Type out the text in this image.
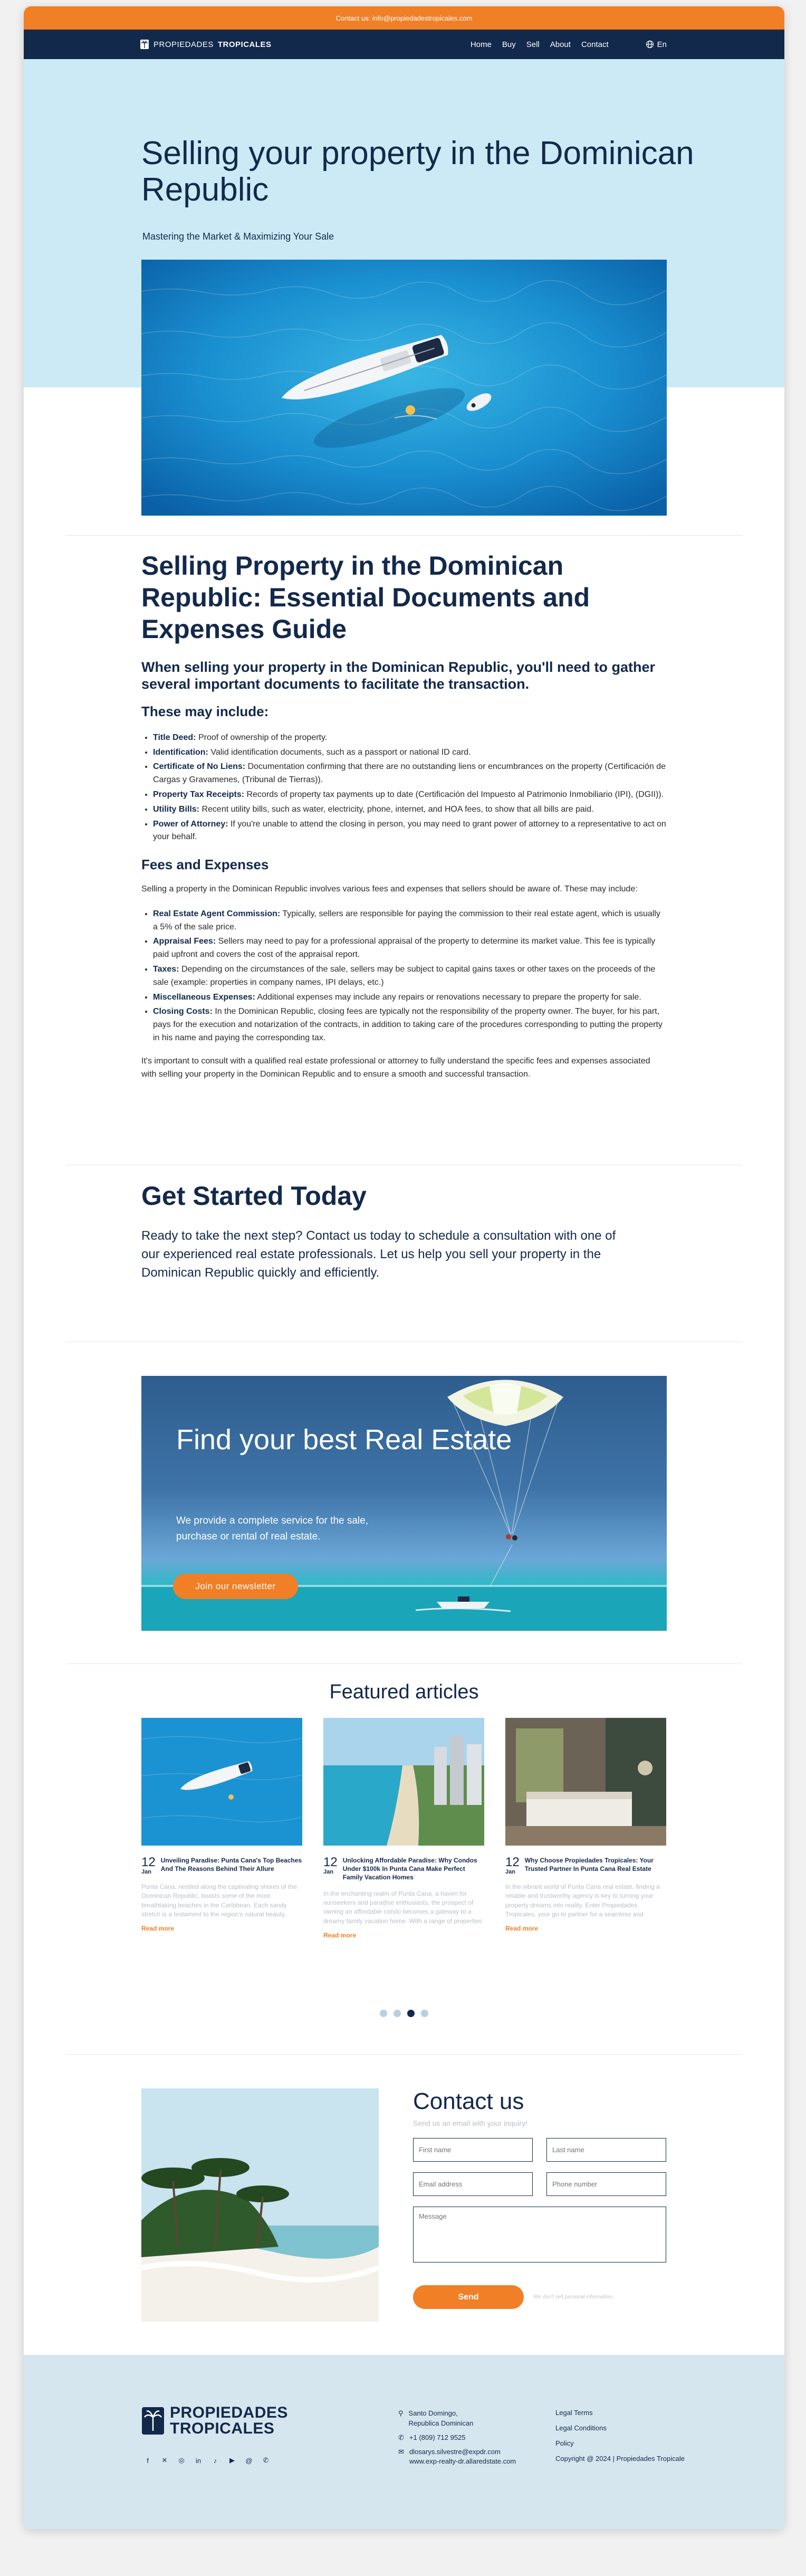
Contact us: info@propiedadestropicales.com
PROPIEDADES TROPICALES	Home Buy Sell About Contact	En
Selling your property in the Dominican Republic
Mastering the Market & Maximizing Your Sale
Selling Property in the Dominican Republic: Essential Documents and Expenses Guide
When selling your property in the Dominican Republic, you'll need to gather several important documents to facilitate the transaction.
These may include:
• Title Deed: Proof of ownership of the property.
• Identification: Valid identification documents, such as a passport or national ID card.
• Certificate of No Liens: Documentation confirming that there are no outstanding liens or encumbrances on the property (Certificación de Cargas y Gravamenes, (Tribunal de Tierras)).
• Property Tax Receipts: Records of property tax payments up to date (Certificación del Impuesto al Patrimonio Inmobiliario (IPI), (DGII)).
• Utility Bills: Recent utility bills, such as water, electricity, phone, internet, and HOA fees, to show that all bills are paid.
• Power of Attorney: If you're unable to attend the closing in person, you may need to grant power of attorney to a representative to act on your behalf.
Fees and Expenses

Selling a property in the Dominican Republic involves various fees and expenses that sellers should be aware of. These may include:

• Real Estate Agent Commission: Typically, sellers are responsible for paying the commission to their real estate agent, which is usually a 5% of the sale price.
• Appraisal Fees: Sellers may need to pay for a professional appraisal of the property to determine its market value. This fee is typically paid upfront and covers the cost of the appraisal report.
• Taxes: Depending on the circumstances of the sale, sellers may be subject to capital gains taxes or other taxes on the proceeds of the sale (example: properties in company names, IPI delays, etc.)
• Miscellaneous Expenses: Additional expenses may include any repairs or renovations necessary to prepare the property for sale.
• Closing Costs: In the Dominican Republic, closing fees are typically not the responsibility of the property owner. The buyer, for his part, pays for the execution and notarization of the contracts, in addition to taking care of the procedures corresponding to putting the property in his name and paying the corresponding tax.

It's important to consult with a qualified real estate professional or attorney to fully understand the specific fees and expenses associated with selling your property in the Dominican Republic and to ensure a smooth and successful transaction.

Get Started Today

Ready to take the next step? Contact us today to schedule a consultation with one of our experienced real estate professionals. Let us help you sell your property in the Dominican Republic quickly and efficiently.

Find your best Real Estate
We provide a complete service for the sale, purchase or rental of real estate.
Join our newsletter
Featured articles
12
Jan
Unveiling Paradise: Punta Cana's Top Beaches And The Reasons Behind Their Allure
Punta Cana, nestled along the captivating shores of the Dominican Republic, boasts some of the most breathtaking beaches in the Caribbean. Each sandy stretch is a testament to the region's natural beauty,
Read more
12
Jan
Unlocking Affordable Paradise: Why Condos Under $100k In Punta Cana Make Perfect Family Vacation Homes
In the enchanting realm of Punta Cana, a haven for sunseekers and paradise enthusiasts, the prospect of owning an affordable condo becomes a gateway to a dreamy family vacation home. With a range of properties
Read more
12
Jan
Why Choose Propiedades Tropicales: Your Trusted Partner In Punta Cana Real Estate
In the vibrant world of Punta Cana real estate, finding a reliable and trustworthy agency is key to turning your property dreams into reality. Enter Propiedades Tropicales, your go-to partner for a seamless and
Read more
Contact us
Send us an email with your inquiry!
First name
Last name
Email address
Phone number
Message
Send	We don't sell personal information.
PROPIEDADES
TROPICALES
f	✕	◎	in	♪	▶	@	✆
⚲ Santo Domingo,
Republica Dominican
✆ +1 (809) 712 9525
✉ dlosarys.silvestre@expdr.com
www.exp-realty-dr.allaredstate.com
Legal Terms
Legal Conditions
Policy
Copyright @ 2024 | Propiedades Tropicale
